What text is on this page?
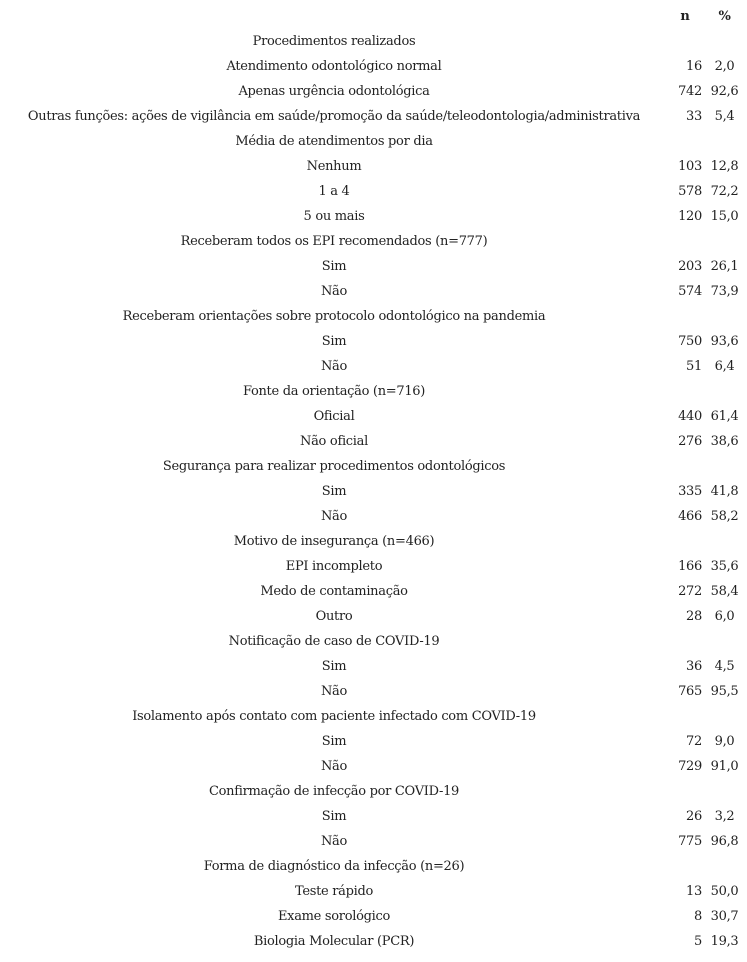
	n	%
Procedimentos realizados		
Atendimento odontológico normal	16	2,0
Apenas urgência odontológica	742	92,6
Outras funções: ações de vigilância em saúde/promoção da saúde/teleodontologia/administrativa	33	5,4
Média de atendimentos por dia		
Nenhum	103	12,8
1 a 4	578	72,2
5 ou mais	120	15,0
Receberam todos os EPI recomendados (n=777)		
Sim	203	26,1
Não	574	73,9
Receberam orientações sobre protocolo odontológico na pandemia		
Sim	750	93,6
Não	51	6,4
Fonte da orientação (n=716)		
Oficial	440	61,4
Não oficial	276	38,6
Segurança para realizar procedimentos odontológicos		
Sim	335	41,8
Não	466	58,2
Motivo de insegurança (n=466)		
EPI incompleto	166	35,6
Medo de contaminação	272	58,4
Outro	28	6,0
Notificação de caso de COVID-19		
Sim	36	4,5
Não	765	95,5
Isolamento após contato com paciente infectado com COVID-19		
Sim	72	9,0
Não	729	91,0
Confirmação de infecção por COVID-19		
Sim	26	3,2
Não	775	96,8
Forma de diagnóstico da infecção (n=26)		
Teste rápido	13	50,0
Exame sorológico	8	30,7
Biologia Molecular (PCR)	5	19,3
